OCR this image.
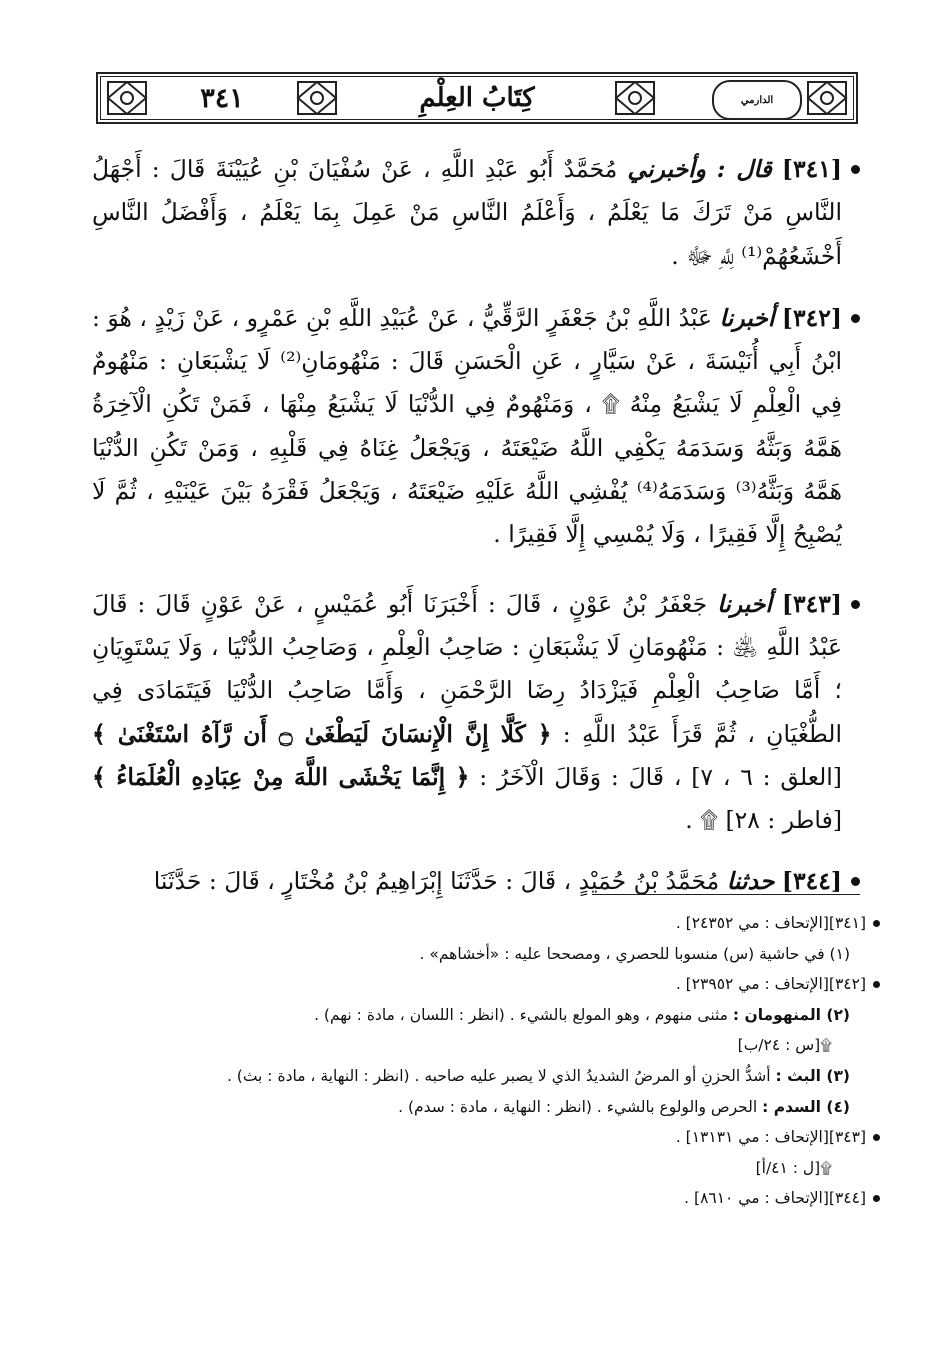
٣٤١	كِتَابُ العِلْمِ	الدارمي

[٣٤١] قال : وأخبرني مُحَمَّدٌ أَبُو عَبْدِ اللَّهِ ، عَنْ سُفْيَانَ بْنِ عُيَيْنَةَ قَالَ : أَجْهَلُ النَّاسِ مَنْ تَرَكَ مَا يَعْلَمُ ، وَأَعْلَمُ النَّاسِ مَنْ عَمِلَ بِمَا يَعْلَمُ ، وَأَفْضَلُ النَّاسِ أَخْشَعُهُمْ⁽¹⁾ لِلَّهِ ﷻ .

[٣٤٢] أخبرنا عَبْدُ اللَّهِ بْنُ جَعْفَرٍ الرَّقِّيُّ ، عَنْ عُبَيْدِ اللَّهِ بْنِ عَمْرٍو ، عَنْ زَيْدٍ ، هُوَ : ابْنُ أَبِي أُنَيْسَةَ ، عَنْ سَيَّارٍ ، عَنِ الْحَسَنِ قَالَ : مَنْهُومَانِ⁽²⁾ لَا يَشْبَعَانِ : مَنْهُومٌ فِي الْعِلْمِ لَا يَشْبَعُ مِنْهُ ۩ ، وَمَنْهُومٌ فِي الدُّنْيَا لَا يَشْبَعُ مِنْهَا ، فَمَنْ تَكُنِ الْآخِرَةُ هَمَّهُ وَبَثَّهُ وَسَدَمَهُ يَكْفِي اللَّهُ ضَيْعَتَهُ ، وَيَجْعَلُ غِنَاهُ فِي قَلْبِهِ ، وَمَنْ تَكُنِ الدُّنْيَا هَمَّهُ وَبَثَّهُ⁽³⁾ وَسَدَمَهُ⁽⁴⁾ يُفْشِي اللَّهُ عَلَيْهِ ضَيْعَتَهُ ، وَيَجْعَلُ فَقْرَهُ بَيْنَ عَيْنَيْهِ ، ثُمَّ لَا يُصْبِحُ إِلَّا فَقِيرًا ، وَلَا يُمْسِي إِلَّا فَقِيرًا .

[٣٤٣] أخبرنا جَعْفَرُ بْنُ عَوْنٍ ، قَالَ : أَخْبَرَنَا أَبُو عُمَيْسٍ ، عَنْ عَوْنٍ قَالَ : قَالَ عَبْدُ اللَّهِ ﵁ : مَنْهُومَانِ لَا يَشْبَعَانِ : صَاحِبُ الْعِلْمِ ، وَصَاحِبُ الدُّنْيَا ، وَلَا يَسْتَوِيَانِ ؛ أَمَّا صَاحِبُ الْعِلْمِ فَيَزْدَادُ رِضَا الرَّحْمَنِ ، وَأَمَّا صَاحِبُ الدُّنْيَا فَيَتَمَادَى فِي الطُّغْيَانِ ، ثُمَّ قَرَأَ عَبْدُ اللَّهِ : ﴿ كَلَّا إِنَّ الْإِنسَانَ لَيَطْغَىٰ ۝ أَن رَّآهُ اسْتَغْنَىٰ ﴾ [العلق : ٦ ، ٧] ، قَالَ : وَقَالَ الْآخَرُ : ﴿ إِنَّمَا يَخْشَى اللَّهَ مِنْ عِبَادِهِ الْعُلَمَاءُ ﴾ [فاطر : ٢٨] ۩ .

[٣٤٤] حدثنا مُحَمَّدُ بْنُ حُمَيْدٍ ، قَالَ : حَدَّثَنَا إِبْرَاهِيمُ بْنُ مُخْتَارٍ ، قَالَ : حَدَّثَنَا

[٣٤١][الإتحاف : مي ٢٤٣٥٢] .
(١) في حاشية (س) منسوبا للحصري ، ومصححا عليه : «أخشاهم» .
[٣٤٢][الإتحاف : مي ٢٣٩٥٢] .
(٢) المنهومان : مثنى منهوم ، وهو المولع بالشيء . (انظر : اللسان ، مادة : نهم) .
۩[س : ٢٤/ب]
(٣) البث : أشدُّ الحزنِ أو المرضُ الشديدُ الذي لا يصبر عليه صاحبه . (انظر : النهاية ، مادة : بث) .
(٤) السدم : الحرص والولوع بالشيء . (انظر : النهاية ، مادة : سدم) .
[٣٤٣][الإتحاف : مي ١٣١٣١] .
۩[ل : ٤١/أ]
[٣٤٤][الإتحاف : مي ٨٦١٠] .
